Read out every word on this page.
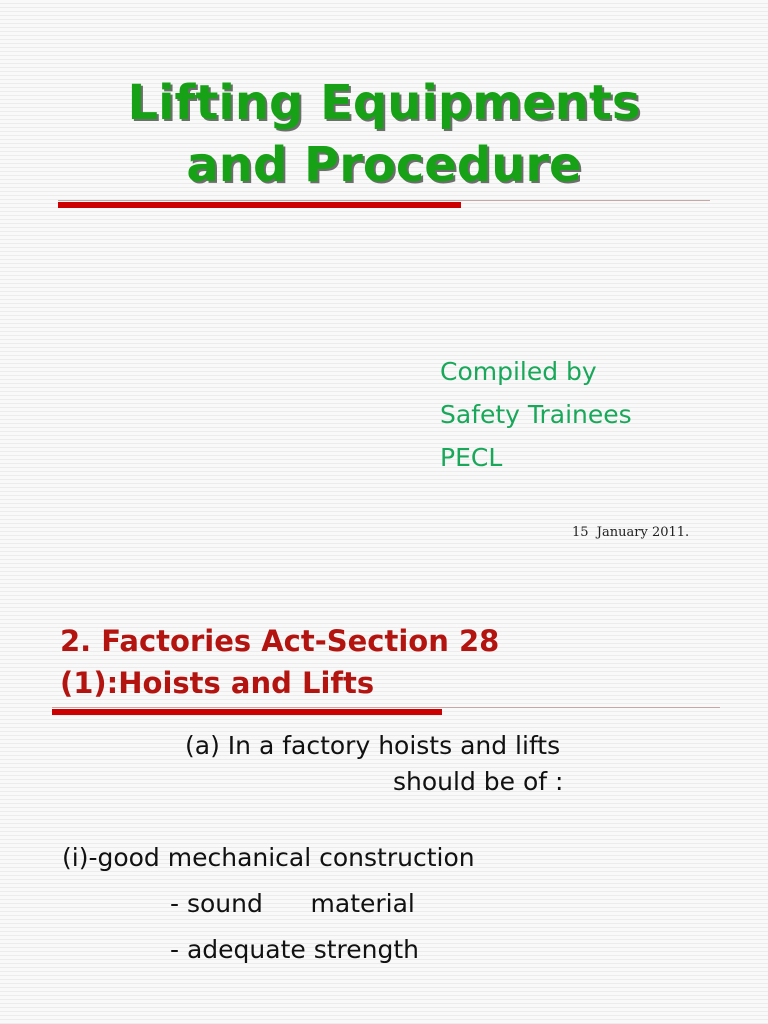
Lifting Equipments
and Procedure
Compiled by
Safety Trainees
PECL
15  January 2011.
2. Factories Act-Section 28
(1):Hoists and Lifts
(a) In a factory hoists and lifts
should be of :
(i)-good mechanical construction
- sound      material
- adequate strength
